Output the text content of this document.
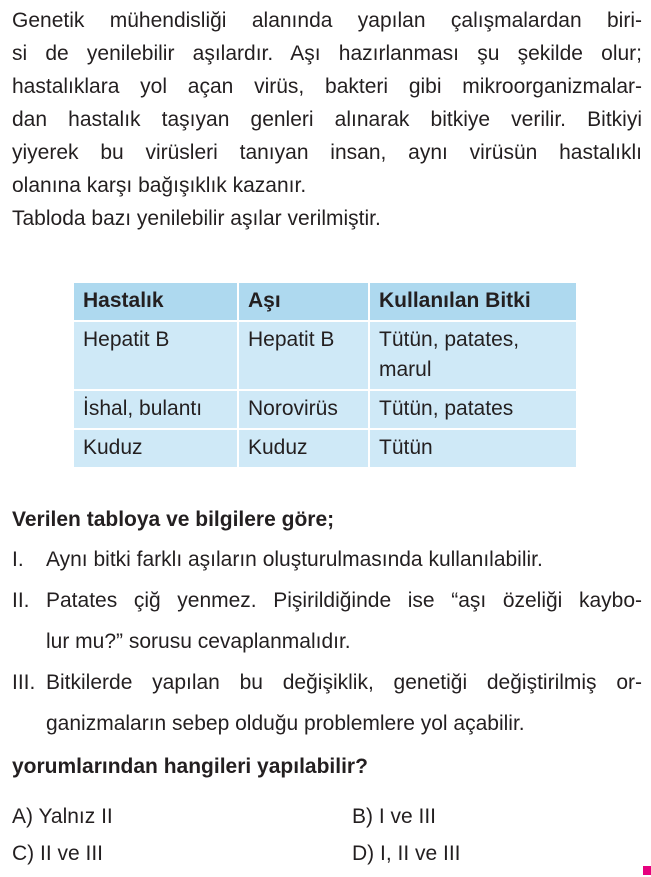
Genetik mühendisliği alanında yapılan çalışmalardan biri-
si de yenilebilir aşılardır. Aşı hazırlanması şu şekilde olur;
hastalıklara yol açan virüs, bakteri gibi mikroorganizmalar-
dan hastalık taşıyan genleri alınarak bitkiye verilir. Bitkiyi
yiyerek bu virüsleri tanıyan insan, aynı virüsün hastalıklı
olanına karşı bağışıklık kazanır.
Tabloda bazı yenilebilir aşılar verilmiştir.
Hastalık	Aşı	Kullanılan Bitki
Hepatit B	Hepatit B	Tütün, patates,
marul
İshal, bulantı	Norovirüs	Tütün, patates
Kuduz	Kuduz	Tütün
Verilen tabloya ve bilgilere göre;
I.	Aynı bitki farklı aşıların oluşturulmasında kullanılabilir.
II. Patates çiğ yenmez. Pişirildiğinde ise “aşı özeliği kaybo-
lur mu?” sorusu cevaplanmalıdır.
III. Bitkilerde yapılan bu değişiklik, genetiği değiştirilmiş or-
ganizmaların sebep olduğu problemlere yol açabilir.
yorumlarından hangileri yapılabilir?
A) Yalnız II	B) I ve III
C) II ve III	D) I, II ve III
